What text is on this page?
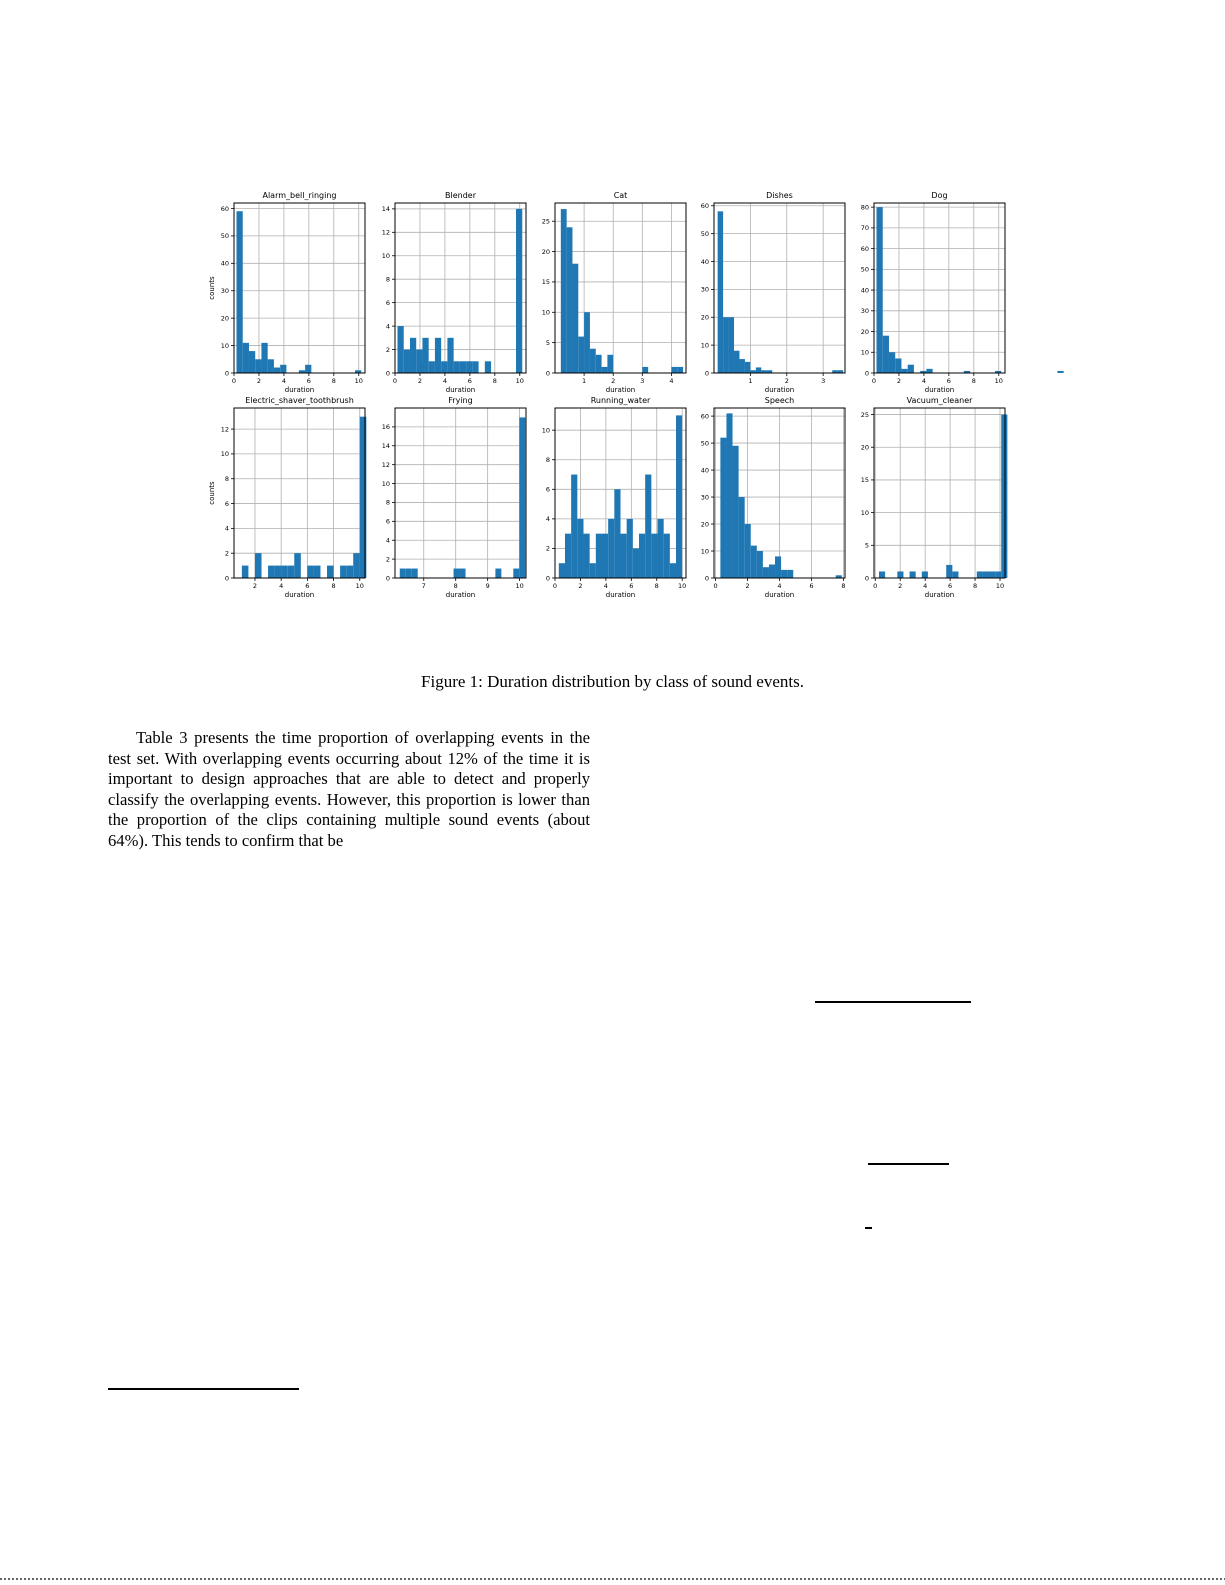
0	2	4	6	8	10
0
10
20
30
40
50
60
Alarm_bell_ringing
duration
counts
0	2	4	6	8	10
0
2
4
6
8
10
12
14
Blender
duration
1	2	3	4
0
5
10
15
20
25
Cat
duration
1	2	3
0
10
20
30
40
50
60
Dishes
duration
0	2	4	6	8	10
0
10
20
30
40
50
60
70
80
Dog
duration
2	4	6	8	10
0
2
4
6
8
10
12
Electric_shaver_toothbrush
duration
counts
7	8	9	10
0
2
4
6
8
10
12
14
16
Frying
duration
0	2	4	6	8	10
0
2
4
6
8
10
Running_water
duration
0	2	4	6	8
0
10
20
30
40
50
60
Speech
duration
0	2	4	6	8	10
0
5
10
15
20
25
Vacuum_cleaner
duration
Figure 1: Duration distribution by class of sound events.

Table 3 presents the time proportion of overlapping events in the test set. With overlapping events occurring about 12% of the time it is important to design approaches that are able to detect and properly classify the overlapping events. However, this proportion is lower than the proportion of the clips containing multiple sound events (about 64%). This tends to confirm that be
